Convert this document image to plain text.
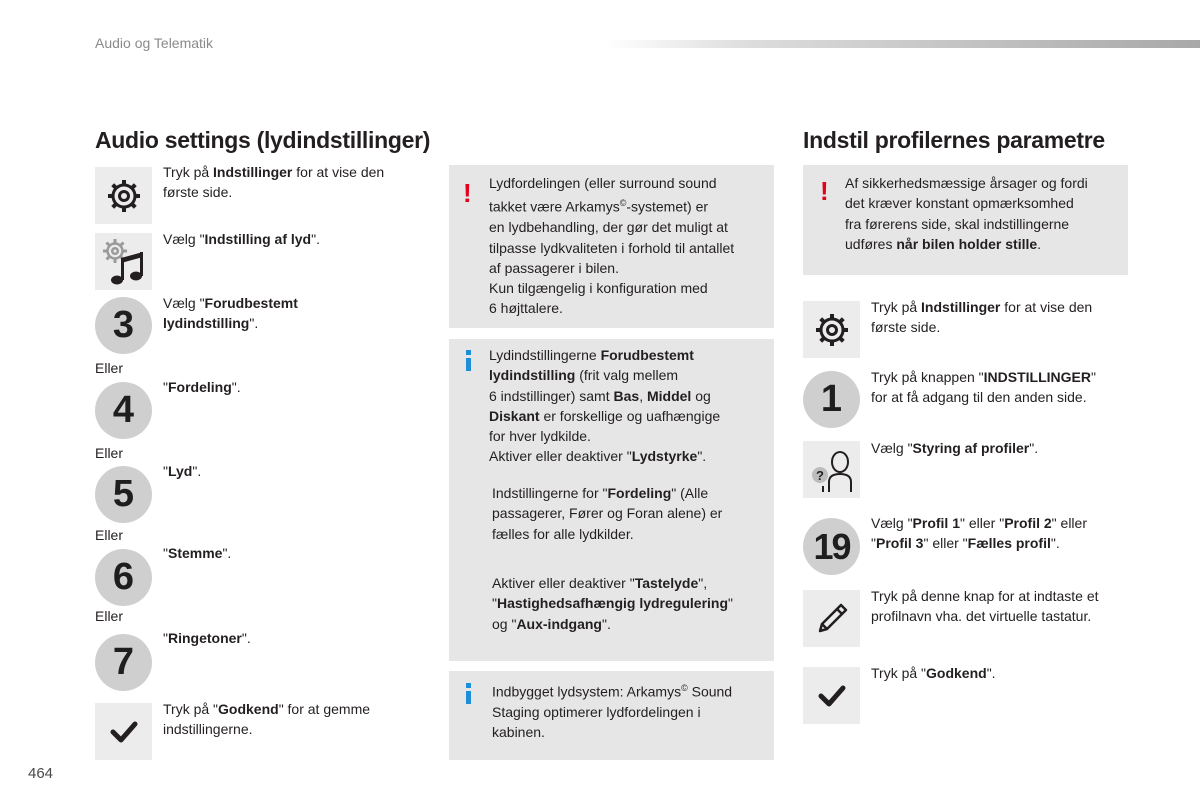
Audio og Telematik
Audio settings (lydindstillinger)
Tryk på Indstillinger for at vise den
første side.
Vælg "Indstilling af lyd".
3
Vælg "Forudbestemt
lydindstilling".
Eller
4
"Fordeling".
Eller
5
"Lyd".
Eller
6
"Stemme".
Eller
7
"Ringetoner".
Tryk på "Godkend" for at gemme
indstillingerne.
! Lydfordelingen (eller surround sound
takket være Arkamys©-systemet) er
en lydbehandling, der gør det muligt at
tilpasse lydkvaliteten i forhold til antallet
af passagerer i bilen.
Kun tilgængelig i konfiguration med
6 højttalere.
Lydindstillingerne Forudbestemt
lydindstilling (frit valg mellem
6 indstillinger) samt Bas, Middel og
Diskant er forskellige og uafhængige
for hver lydkilde.
Aktiver eller deaktiver "Lydstyrke".
Indstillingerne for "Fordeling" (Alle
passagerer, Fører og Foran alene) er
fælles for alle lydkilder.
Aktiver eller deaktiver "Tastelyde",
"Hastighedsafhængig lydregulering"
og "Aux-indgang".
Indbygget lydsystem: Arkamys© Sound
Staging optimerer lydfordelingen i
kabinen.
Indstil profilernes parametre
! Af sikkerhedsmæssige årsager og fordi
det kræver konstant opmærksomhed
fra førerens side, skal indstillingerne
udføres når bilen holder stille.
Tryk på Indstillinger for at vise den
første side.
1
Tryk på knappen "INDSTILLINGER"
for at få adgang til den anden side.
?
Vælg "Styring af profiler".
19
Vælg "Profil 1" eller "Profil 2" eller
"Profil 3" eller "Fælles profil".
Tryk på denne knap for at indtaste et
profilnavn vha. det virtuelle tastatur.
Tryk på "Godkend".
464
